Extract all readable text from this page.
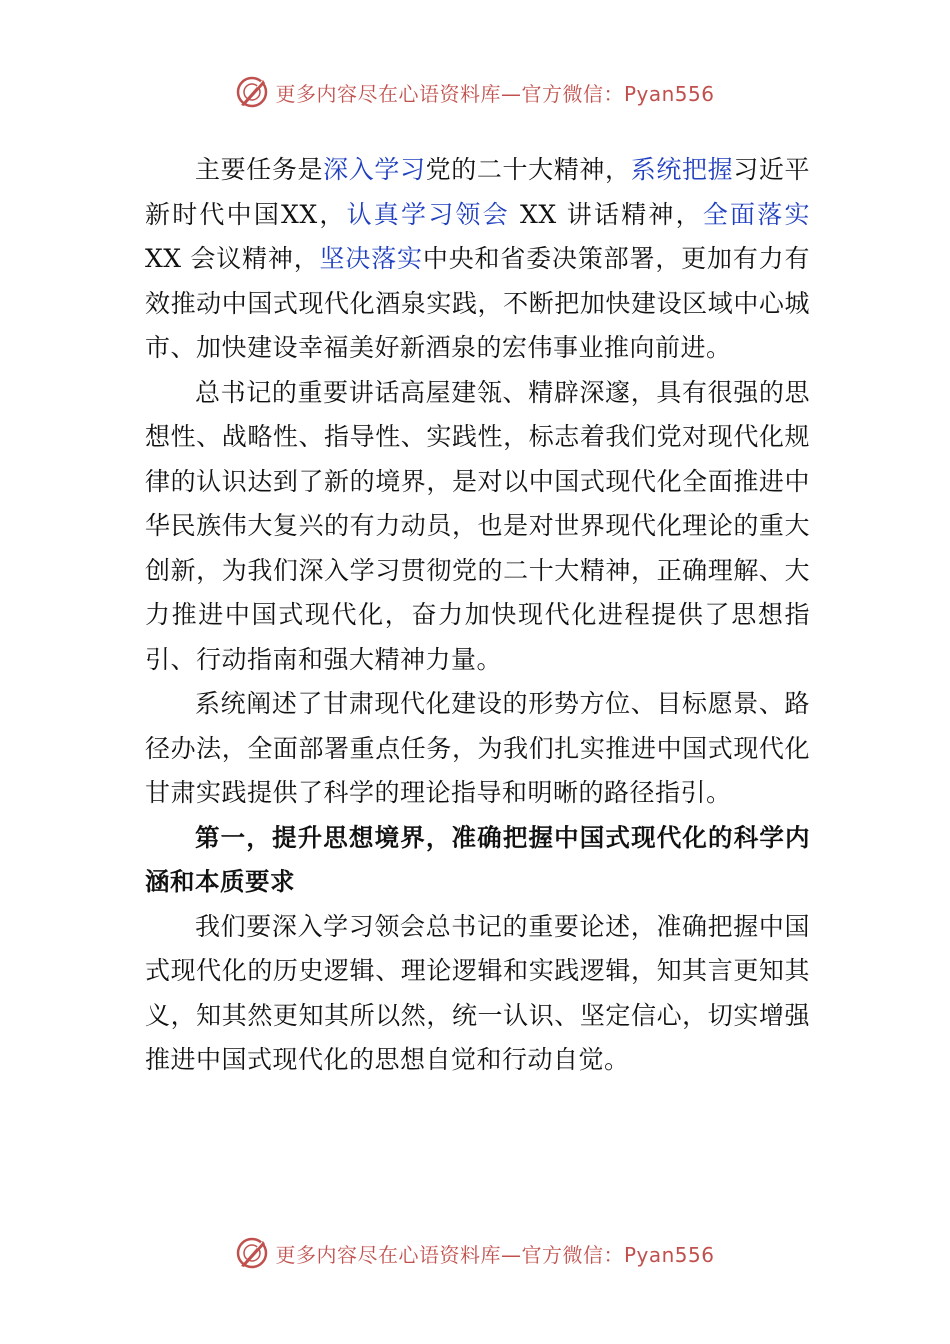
更多内容尽在心语资料库—官方微信：Pyan556

主要任务是深入学习党的二十大精神，系统把握习近平新时代中国XX，认真学习领会 XX 讲话精神，全面落实 XX 会议精神，坚决落实中央和省委决策部署，更加有力有效推动中国式现代化酒泉实践，不断把加快建设区域中心城市、加快建设幸福美好新酒泉的宏伟事业推向前进。

总书记的重要讲话高屋建瓴、精辟深邃，具有很强的思想性、战略性、指导性、实践性，标志着我们党对现代化规律的认识达到了新的境界，是对以中国式现代化全面推进中华民族伟大复兴的有力动员，也是对世界现代化理论的重大创新，为我们深入学习贯彻党的二十大精神，正确理解、大力推进中国式现代化，奋力加快现代化进程提供了思想指引、行动指南和强大精神力量。

系统阐述了甘肃现代化建设的形势方位、目标愿景、路径办法，全面部署重点任务，为我们扎实推进中国式现代化甘肃实践提供了科学的理论指导和明晰的路径指引。

第一，提升思想境界，准确把握中国式现代化的科学内涵和本质要求

我们要深入学习领会总书记的重要论述，准确把握中国式现代化的历史逻辑、理论逻辑和实践逻辑，知其言更知其义，知其然更知其所以然，统一认识、坚定信心，切实增强推进中国式现代化的思想自觉和行动自觉。

更多内容尽在心语资料库—官方微信：Pyan556
